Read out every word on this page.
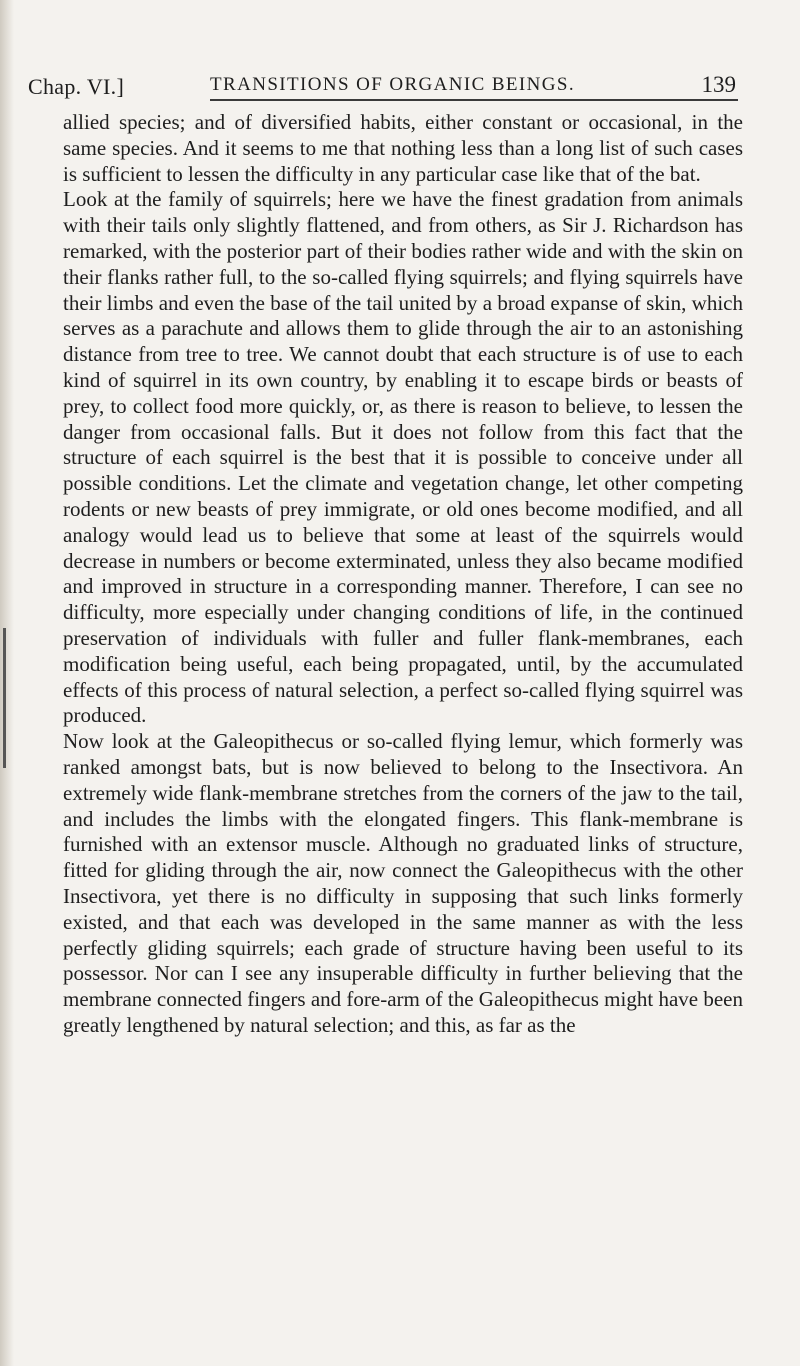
Chap. VI.]	TRANSITIONS OF ORGANIC BEINGS.	139

allied species; and of diversified habits, either constant or occasional, in the same species. And it seems to me that nothing less than a long list of such cases is sufficient to lessen the difficulty in any particular case like that of the bat.

Look at the family of squirrels; here we have the finest gradation from animals with their tails only slightly flattened, and from others, as Sir J. Richardson has remarked, with the posterior part of their bodies rather wide and with the skin on their flanks rather full, to the so-called flying squirrels; and flying squirrels have their limbs and even the base of the tail united by a broad expanse of skin, which serves as a parachute and allows them to glide through the air to an astonishing distance from tree to tree. We cannot doubt that each structure is of use to each kind of squirrel in its own country, by enabling it to escape birds or beasts of prey, to collect food more quickly, or, as there is reason to believe, to lessen the danger from occasional falls. But it does not follow from this fact that the structure of each squirrel is the best that it is possible to conceive under all possible conditions. Let the climate and vegetation change, let other competing rodents or new beasts of prey immigrate, or old ones become modified, and all analogy would lead us to believe that some at least of the squirrels would decrease in numbers or become exterminated, unless they also became modified and improved in structure in a corresponding manner. Therefore, I can see no difficulty, more especially under changing conditions of life, in the continued preservation of individuals with fuller and fuller flank-membranes, each modification being useful, each being propagated, until, by the accumulated effects of this process of natural selection, a perfect so-called flying squirrel was produced.

Now look at the Galeopithecus or so-called flying lemur, which formerly was ranked amongst bats, but is now believed to belong to the Insectivora. An extremely wide flank-membrane stretches from the corners of the jaw to the tail, and includes the limbs with the elongated fingers. This flank-membrane is furnished with an extensor muscle. Although no graduated links of structure, fitted for gliding through the air, now connect the Galeopithecus with the other Insectivora, yet there is no difficulty in supposing that such links formerly existed, and that each was developed in the same manner as with the less perfectly gliding squirrels; each grade of structure having been useful to its possessor. Nor can I see any insuperable difficulty in further believing that the membrane connected fingers and fore-arm of the Galeopithecus might have been greatly lengthened by natural selection; and this, as far as the
